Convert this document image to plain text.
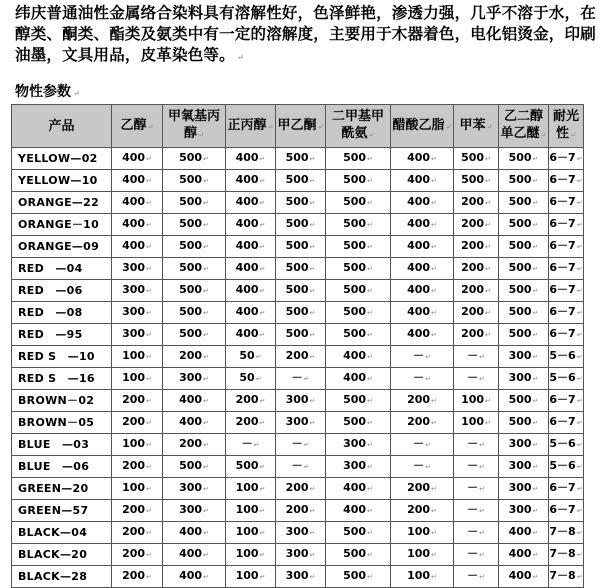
纬庆普通油性金属络合染料具有溶解性好，色泽鲜艳，渗透力强，几乎不溶于水，在醇类、酮类、酯类及氨类中有一定的溶解度，主要用于木器着色，电化铝烫金，印刷油墨，文具用品，皮革染色等。 ↵
物性参数 ↵
产品	乙醇↵	甲氧基丙醇↵	正丙醇↵	甲乙酮↵	二甲基甲酰氨↵	醋酸乙脂↵	甲苯↵	乙二醇单乙醚↵	耐光性↵
YELLOW—02	400↵	500↵	400↵	500↵	500↵	400↵	500↵	500↵	6－7↵
YELLOW—10	400↵	500↵	400↵	500↵	500↵	400↵	500↵	500↵	6－7↵
ORANGE—22	400↵	500↵	400↵	500↵	500↵	400↵	200↵	500↵	6－7↵
ORANGE－10	400↵	500↵	400↵	500↵	500↵	400↵	200↵	500↵	6－7↵
ORANGE—09	400↵	500↵	400↵	500↵	500↵	400↵	200↵	500↵	6－7↵
RED　—04	300↵	500↵	400↵	500↵	500↵	400↵	200↵	500↵	6－7↵
RED　—06	300↵	500↵	400↵	500↵	500↵	400↵	200↵	500↵	6－7↵
RED　—08	300↵	500↵	400↵	500↵	500↵	400↵	200↵	500↵	6－7↵
RED　—95	300↵	500↵	400↵	500↵	500↵	400↵	200↵	500↵	6－7↵
RED S　—10	100↵	200↵	50↵	200↵	400↵	－↵	－↵	300↵	5－6↵
RED S　—16	100↵	300↵	50↵	－↵	400↵	－↵	－↵	300↵	5－6↵
BROWN－02	200↵	400↵	200↵	300↵	500↵	200↵	100↵	500↵	6－7↵
BROWN－05	200↵	400↵	200↵	300↵	500↵	200↵	100↵	500↵	6－7↵
BLUE　—03	100↵	200↵	－↵	－↵	300↵	－↵	－↵	300↵	5－6↵
BLUE　—06	200↵	500↵	500↵	－↵	300↵	－↵	－↵	300↵	5－6↵
GREEN—20	100↵	300↵	100↵	200↵	400↵	200↵	－↵	300↵	6－7↵
GREEN—57	200↵	300↵	100↵	200↵	400↵	200↵	－↵	300↵	6－7↵
BLACK—04	200↵	400↵	100↵	300↵	500↵	100↵	－↵	400↵	7－8↵
BLACK—20	200↵	400↵	100↵	300↵	500↵	100↵	－↵	400↵	7－8↵
BLACK—28	200↵	400↵	100↵	300↵	500↵	100↵	－↵	400↵	7－8↵
